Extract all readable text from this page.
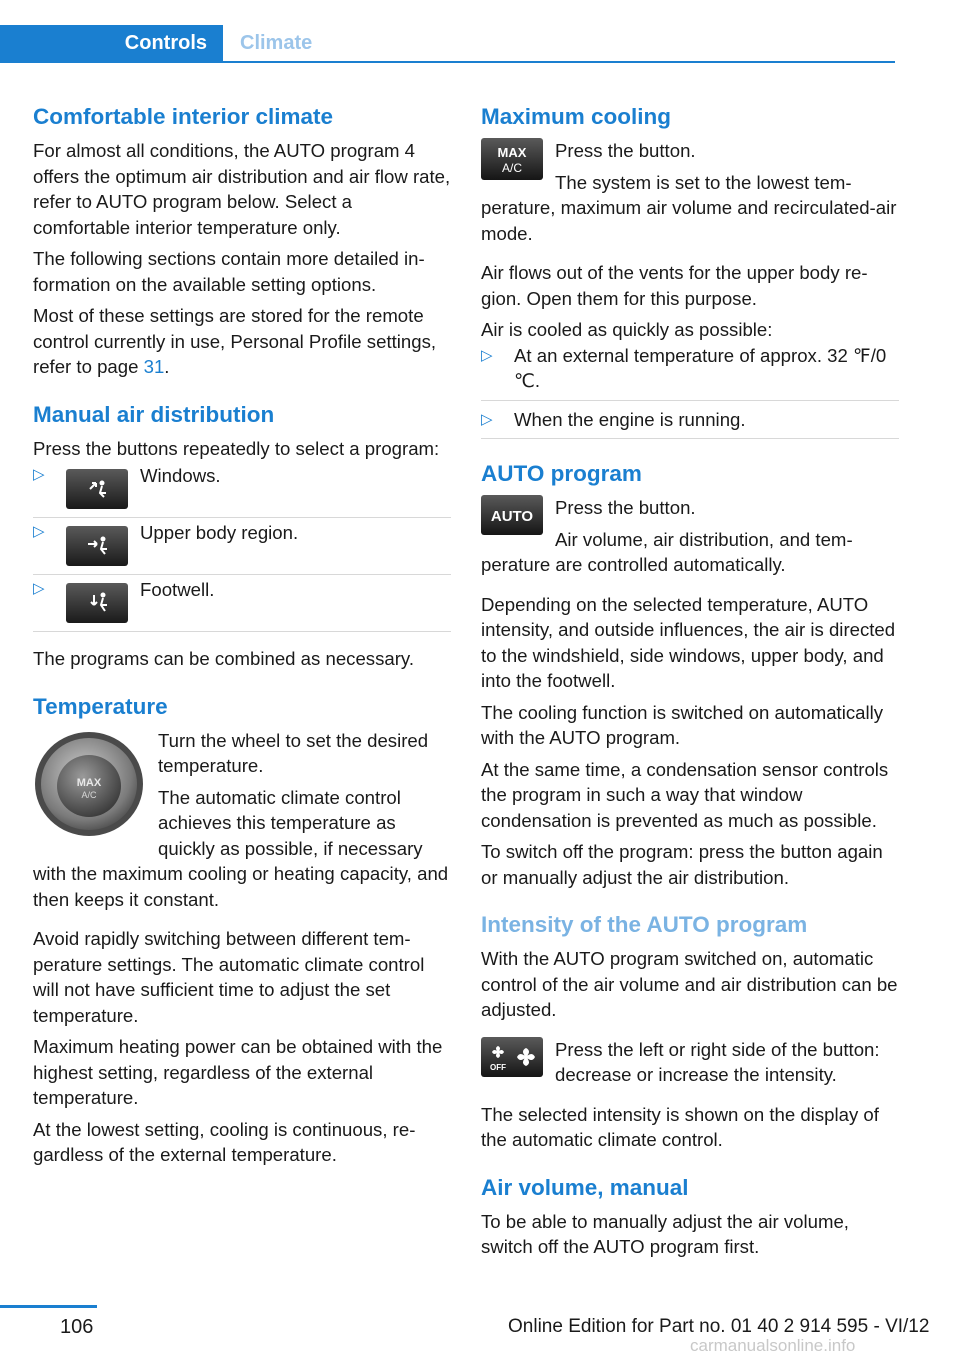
Controls Climate
Comfortable interior climate

For almost all conditions, the AUTO program 4 offers the optimum air distribution and air flow rate, refer to AUTO program below. Select a comfortable interior temperature only.

The following sections contain more detailed information on the available setting options.

Most of these settings are stored for the remote control currently in use, Personal Profile settings, refer to page 31.

Manual air distribution

Press the buttons repeatedly to select a program:

▷	Windows.
▷	Upper body region.
▷	Footwell.

The programs can be combined as necessary.

Temperature
MAX
A/C

Turn the wheel to set the desired temperature.

The automatic climate control achieves this temperature as quickly as possible, if necessary with the maximum cooling or heating capacity, and then keeps it constant.

Avoid rapidly switching between different temperature settings. The automatic climate control will not have sufficient time to adjust the set temperature.

Maximum heating power can be obtained with the highest setting, regardless of the external temperature.

At the lowest setting, cooling is continuous, regardless of the external temperature.

Maximum cooling
MAX
A/C

Press the button.

The system is set to the lowest temperature, maximum air volume and recirculated-air mode.

Air flows out of the vents for the upper body region. Open them for this purpose.

Air is cooled as quickly as possible:

▷ At an external temperature of approx. 32 ℉/0 ℃.
▷ When the engine is running.
AUTO program
AUTO	Press the button.

Air volume, air distribution, and temperature are controlled automatically.

Depending on the selected temperature, AUTO intensity, and outside influences, the air is directed to the windshield, side windows, upper body, and into the footwell.

The cooling function is switched on automatically with the AUTO program.

At the same time, a condensation sensor controls the program in such a way that window condensation is prevented as much as possible.

To switch off the program: press the button again or manually adjust the air distribution.

Intensity of the AUTO program

With the AUTO program switched on, automatic control of the air volume and air distribution can be adjusted.

OFF

Press the left or right side of the button: decrease or increase the intensity.

The selected intensity is shown on the display of the automatic climate control.

Air volume, manual

To be able to manually adjust the air volume, switch off the AUTO program first.

106	Online Edition for Part no. 01 40 2 914 595 - VI/12
carmanualsonline.info
